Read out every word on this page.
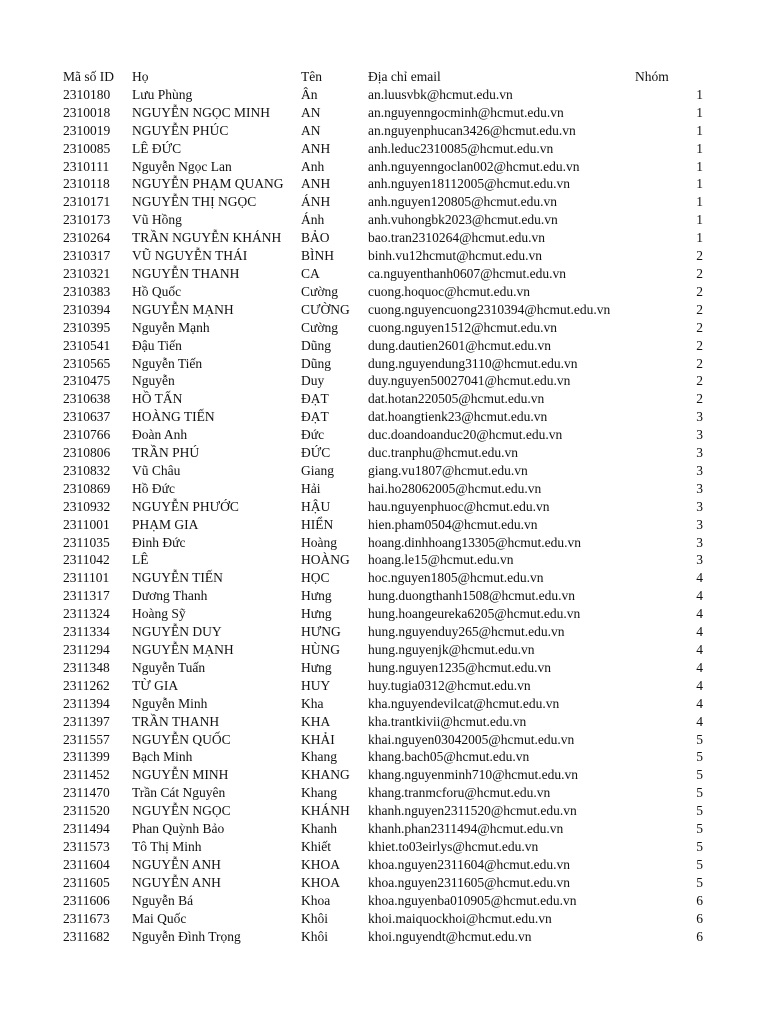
Mã số ID	Họ	Tên	Địa chỉ email	Nhóm
2310180	Lưu Phùng	Ân	an.luusvbk@hcmut.edu.vn	1
2310018	NGUYỄN NGỌC MINH	AN	an.nguyenngocminh@hcmut.edu.vn	1
2310019	NGUYỄN PHÚC	AN	an.nguyenphucan3426@hcmut.edu.vn	1
2310085	LÊ ĐỨC	ANH	anh.leduc2310085@hcmut.edu.vn	1
2310111	Nguyễn Ngọc Lan	Anh	anh.nguyenngoclan002@hcmut.edu.vn	1
2310118	NGUYỄN PHẠM QUANG	ANH	anh.nguyen18112005@hcmut.edu.vn	1
2310171	NGUYỄN THỊ NGỌC	ÁNH	anh.nguyen120805@hcmut.edu.vn	1
2310173	Vũ Hồng	Ánh	anh.vuhongbk2023@hcmut.edu.vn	1
2310264	TRẦN NGUYỄN KHÁNH	BẢO	bao.tran2310264@hcmut.edu.vn	1
2310317	VŨ NGUYỄN THÁI	BÌNH	binh.vu12hcmut@hcmut.edu.vn	2
2310321	NGUYỄN THANH	CA	ca.nguyenthanh0607@hcmut.edu.vn	2
2310383	Hồ Quốc	Cường	cuong.hoquoc@hcmut.edu.vn	2
2310394	NGUYỄN MẠNH	CƯỜNG	cuong.nguyencuong2310394@hcmut.edu.vn	2
2310395	Nguyễn Mạnh	Cường	cuong.nguyen1512@hcmut.edu.vn	2
2310541	Đậu Tiến	Dũng	dung.dautien2601@hcmut.edu.vn	2
2310565	Nguyễn Tiến	Dũng	dung.nguyendung3110@hcmut.edu.vn	2
2310475	Nguyễn	Duy	duy.nguyen50027041@hcmut.edu.vn	2
2310638	HỒ TẤN	ĐẠT	dat.hotan220505@hcmut.edu.vn	2
2310637	HOÀNG TIẾN	ĐẠT	dat.hoangtienk23@hcmut.edu.vn	3
2310766	Đoàn Anh	Đức	duc.doandoanduc20@hcmut.edu.vn	3
2310806	TRẦN PHÚ	ĐỨC	duc.tranphu@hcmut.edu.vn	3
2310832	Vũ Châu	Giang	giang.vu1807@hcmut.edu.vn	3
2310869	Hồ Đức	Hải	hai.ho28062005@hcmut.edu.vn	3
2310932	NGUYỄN PHƯỚC	HẬU	hau.nguyenphuoc@hcmut.edu.vn	3
2311001	PHẠM GIA	HIỂN	hien.pham0504@hcmut.edu.vn	3
2311035	Đinh Đức	Hoàng	hoang.dinhhoang13305@hcmut.edu.vn	3
2311042	LÊ	HOÀNG	hoang.le15@hcmut.edu.vn	3
2311101	NGUYỄN TIẾN	HỌC	hoc.nguyen1805@hcmut.edu.vn	4
2311317	Dương Thanh	Hưng	hung.duongthanh1508@hcmut.edu.vn	4
2311324	Hoàng Sỹ	Hưng	hung.hoangeureka6205@hcmut.edu.vn	4
2311334	NGUYỄN DUY	HƯNG	hung.nguyenduy265@hcmut.edu.vn	4
2311294	NGUYỄN MẠNH	HÙNG	hung.nguyenjk@hcmut.edu.vn	4
2311348	Nguyễn Tuấn	Hưng	hung.nguyen1235@hcmut.edu.vn	4
2311262	TỪ GIA	HUY	huy.tugia0312@hcmut.edu.vn	4
2311394	Nguyễn Minh	Kha	kha.nguyendevilcat@hcmut.edu.vn	4
2311397	TRẦN THANH	KHA	kha.trantkivii@hcmut.edu.vn	4
2311557	NGUYỄN QUỐC	KHẢI	khai.nguyen03042005@hcmut.edu.vn	5
2311399	Bạch Minh	Khang	khang.bach05@hcmut.edu.vn	5
2311452	NGUYỄN MINH	KHANG	khang.nguyenminh710@hcmut.edu.vn	5
2311470	Trần Cát Nguyên	Khang	khang.tranmcforu@hcmut.edu.vn	5
2311520	NGUYỄN NGỌC	KHÁNH	khanh.nguyen2311520@hcmut.edu.vn	5
2311494	Phan Quỳnh Bảo	Khanh	khanh.phan2311494@hcmut.edu.vn	5
2311573	Tô Thị Minh	Khiết	khiet.to03eirlys@hcmut.edu.vn	5
2311604	NGUYỄN ANH	KHOA	khoa.nguyen2311604@hcmut.edu.vn	5
2311605	NGUYỄN ANH	KHOA	khoa.nguyen2311605@hcmut.edu.vn	5
2311606	Nguyễn Bá	Khoa	khoa.nguyenba010905@hcmut.edu.vn	6
2311673	Mai Quốc	Khôi	khoi.maiquockhoi@hcmut.edu.vn	6
2311682	Nguyễn Đình Trọng	Khôi	khoi.nguyendt@hcmut.edu.vn	6
